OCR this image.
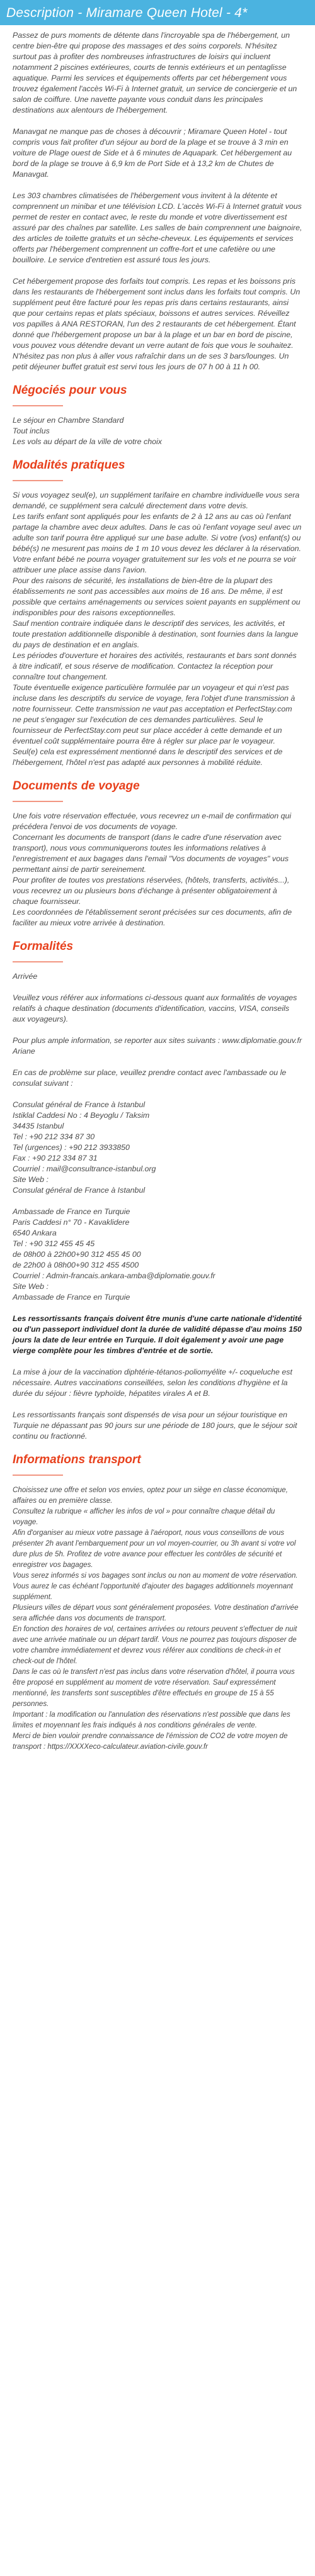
Description - Miramare Queen Hotel - 4*

Passez de purs moments de détente dans l'incroyable spa de l'hébergement, un centre bien-être qui propose des massages et des soins corporels. N'hésitez surtout pas à profiter des nombreuses infrastructures de loisirs qui incluent notamment 2 piscines extérieures, courts de tennis extérieurs et un pentaglisse aquatique. Parmi les services et équipements offerts par cet hébergement vous trouvez également l'accès Wi-Fi à Internet gratuit, un service de conciergerie et un salon de coiffure. Une navette payante vous conduit dans les principales destinations aux alentours de l'hébergement.

Manavgat ne manque pas de choses à découvrir ; Miramare Queen Hotel - tout compris vous fait profiter d'un séjour au bord de la plage et se trouve à 3 min en voiture de Plage ouest de Side et à 6 minutes de Aquapark. Cet hébergement au bord de la plage se trouve à 6,9 km de Port Side et à 13,2 km de Chutes de Manavgat.

Les 303 chambres climatisées de l'hébergement vous invitent à la détente et comprennent un minibar et une télévision LCD. L'accès Wi-Fi à Internet gratuit vous permet de rester en contact avec, le reste du monde et votre divertissement est assuré par des chaînes par satellite. Les salles de bain comprennent une baignoire, des articles de toilette gratuits et un sèche-cheveux. Les équipements et services offerts par l'hébergement comprennent un coffre-fort et une cafetière ou une bouilloire. Le service d'entretien est assuré tous les jours.

Cet hébergement propose des forfaits tout compris. Les repas et les boissons pris dans les restaurants de l'hébergement sont inclus dans les forfaits tout compris. Un supplément peut être facturé pour les repas pris dans certains restaurants, ainsi que pour certains repas et plats spéciaux, boissons et autres services. Réveillez vos papilles à ANA RESTORAN, l'un des 2 restaurants de cet hébergement. Étant donné que l'hébergement propose un bar à la plage et un bar en bord de piscine, vous pouvez vous détendre devant un verre autant de fois que vous le souhaitez. N'hésitez pas non plus à aller vous rafraîchir dans un de ses 3 bars/lounges. Un petit déjeuner buffet gratuit est servi tous les jours de 07 h 00 à 11 h 00.

Négociés pour vous

Le séjour en Chambre Standard
Tout inclus
Les vols au départ de la ville de votre choix

Modalités pratiques

Si vous voyagez seul(e), un supplément tarifaire en chambre individuelle vous sera demandé, ce supplément sera calculé directement dans votre devis.
Les tarifs enfant sont appliqués pour les enfants de 2 à 12 ans au cas où l'enfant partage la chambre avec deux adultes. Dans le cas où l'enfant voyage seul avec un adulte son tarif pourra être appliqué sur une base adulte. Si votre (vos) enfant(s) ou bébé(s) ne mesurent pas moins de 1 m 10 vous devez les déclarer à la réservation. Votre enfant bébé ne pourra voyager gratuitement sur les vols et ne pourra se voir attribuer une place assise dans l'avion.
Pour des raisons de sécurité, les installations de bien-être de la plupart des établissements ne sont pas accessibles aux moins de 16 ans. De même, il est possible que certains aménagements ou services soient payants en supplément ou indisponibles pour des raisons exceptionnelles.
Sauf mention contraire indiquée dans le descriptif des services, les activités, et toute prestation additionnelle disponible à destination, sont fournies dans la langue du pays de destination et en anglais.
Les périodes d'ouverture et horaires des activités, restaurants et bars sont donnés à titre indicatif, et sous réserve de modification. Contactez la réception pour connaître tout changement.
Toute éventuelle exigence particulière formulée par un voyageur et qui n'est pas incluse dans les descriptifs du service de voyage, fera l'objet d'une transmission à notre fournisseur. Cette transmission ne vaut pas acceptation et PerfectStay.com ne peut s'engager sur l'exécution de ces demandes particulières. Seul le fournisseur de PerfectStay.com peut sur place accéder à cette demande et un éventuel coût supplémentaire pourra être à régler sur place par le voyageur.
Seul(e) cela est expressément mentionné dans le descriptif des services et de l'hébergement, l'hôtel n'est pas adapté aux personnes à mobilité réduite.

Documents de voyage

Une fois votre réservation effectuée, vous recevrez un e-mail de confirmation qui précédera l'envoi de vos documents de voyage.
Concernant les documents de transport (dans le cadre d'une réservation avec transport), nous vous communiquerons toutes les informations relatives à l'enregistrement et aux bagages dans l'email "Vos documents de voyages" vous permettant ainsi de partir sereinement.
Pour profiter de toutes vos prestations réservées, (hôtels, transferts, activités...), vous recevrez un ou plusieurs bons d'échange à présenter obligatoirement à chaque fournisseur.
Les coordonnées de l'établissement seront précisées sur ces documents, afin de faciliter au mieux votre arrivée à destination.

Formalités

Arrivée

Veuillez vous référer aux informations ci-dessous quant aux formalités de voyages relatifs à chaque destination (documents d'identification, vaccins, VISA, conseils aux voyageurs).

Pour plus ample information, se reporter aux sites suivants : www.diplomatie.gouv.fr
Ariane

En cas de problème sur place, veuillez prendre contact avec l'ambassade ou le consulat suivant :

Consulat général de France à Istanbul
Istiklal Caddesi No : 4 Beyoglu / Taksim
34435 Istanbul
Tel : +90 212 334 87 30
Tel (urgences) : +90 212 3933850
Fax : +90 212 334 87 31
Courriel : mail@consultrance-istanbul.org
Site Web :
Consulat général de France à Istanbul

Ambassade de France en Turquie
Paris Caddesi n° 70 - Kavaklidere
6540 Ankara
Tel : +90 312 455 45 45
de 08h00 à 22h00+90 312 455 45 00
de 22h00 à 08h00+90 312 455 4500
Courriel : Admin-francais.ankara-amba@diplomatie.gouv.fr
Site Web :
Ambassade de France en Turquie

Les ressortissants français doivent être munis d'une carte nationale d'identité ou d'un passeport individuel dont la durée de validité dépasse d'au moins 150 jours la date de leur entrée en Turquie. Il doit également y avoir une page vierge complète pour les timbres d'entrée et de sortie.

La mise à jour de la vaccination diphtérie-tétanos-poliomyélite +/- coqueluche est nécessaire. Autres vaccinations conseillées, selon les conditions d'hygiène et la durée du séjour : fièvre typhoïde, hépatites virales A et B.

Les ressortissants français sont dispensés de visa pour un séjour touristique en Turquie ne dépassant pas 90 jours sur une période de 180 jours, que le séjour soit continu ou fractionné.

Informations transport

Choisissez une offre et selon vos envies, optez pour un siège en classe économique, affaires ou en première classe.
Consultez la rubrique « afficher les infos de vol » pour connaître chaque détail du voyage.
Afin d'organiser au mieux votre passage à l'aéroport, nous vous conseillons de vous présenter 2h avant l'embarquement pour un vol moyen-courrier, ou 3h avant si votre vol dure plus de 5h. Profitez de votre avance pour effectuer les contrôles de sécurité et enregistrer vos bagages.
Vous serez informés si vos bagages sont inclus ou non au moment de votre réservation.
Vous aurez le cas échéant l'opportunité d'ajouter des bagages additionnels moyennant supplément.
Plusieurs villes de départ vous sont généralement proposées. Votre destination d'arrivée sera affichée dans vos documents de transport.
En fonction des horaires de vol, certaines arrivées ou retours peuvent s'effectuer de nuit avec une arrivée matinale ou un départ tardif. Vous ne pourrez pas toujours disposer de votre chambre immédiatement et devrez vous référer aux conditions de check-in et check-out de l'hôtel.
Dans le cas où le transfert n'est pas inclus dans votre réservation d'hôtel, il pourra vous être proposé en supplément au moment de votre réservation. Sauf expressément mentionné, les transferts sont susceptibles d'être effectués en groupe de 15 à 55 personnes.
Important : la modification ou l'annulation des réservations n'est possible que dans les limites et moyennant les frais indiqués à nos conditions générales de vente.
Merci de bien vouloir prendre connaissance de l'émission de CO2 de votre moyen de transport : https://XXXXeco-calculateur.aviation-civile.gouv.fr
